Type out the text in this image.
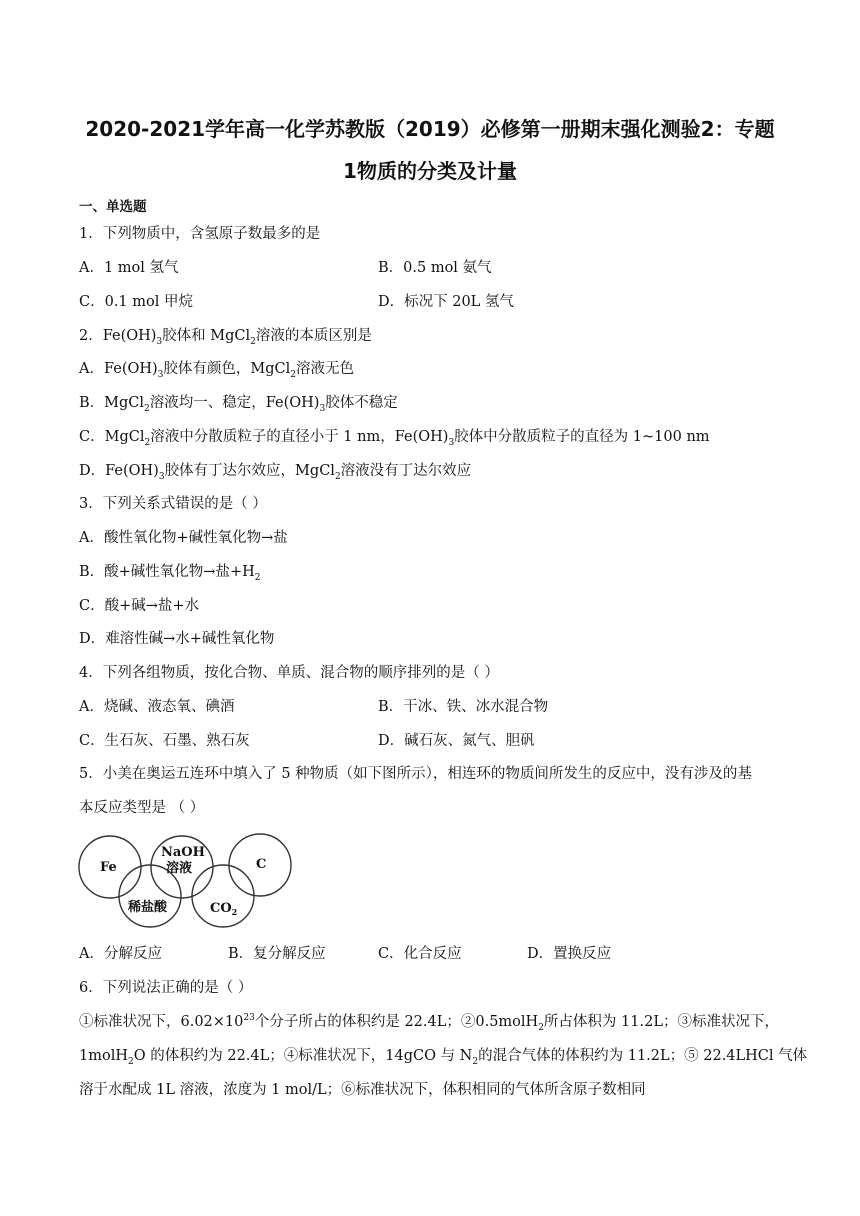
2020-2021学年高一化学苏教版（2019）必修第一册期末强化测验2：专题
1物质的分类及计量
一、单选题
1．下列物质中，含氢原子数最多的是
A．1 mol 氢气	B．0.5 mol 氨气
C．0.1 mol 甲烷	D．标况下 20L 氢气
2．$Fe(OH)_3$胶体和 MgCl$_2$溶液的本质区别是
A．$Fe(OH)_3$胶体有颜色，MgCl$_2$溶液无色
B．MgCl$_2$溶液均一、稳定，$Fe(OH)_3$胶体不稳定
C．MgCl$_2$溶液中分散质粒子的直径小于 1 nm，$Fe(OH)_3$胶体中分散质粒子的直径为 1~100 nm
D．$Fe(OH)_3$胶体有丁达尔效应，MgCl$_2$溶液没有丁达尔效应
3．下列关系式错误的是（ ）
A．酸性氧化物+碱性氧化物→盐
B．酸+碱性氧化物→盐$+H_2$
C．酸+碱→盐+水
D．难溶性碱→水+碱性氧化物
4．下列各组物质，按化合物、单质、混合物的顺序排列的是（ ）
A．烧碱、液态氧、碘酒	B．干冰、铁、冰水混合物
C．生石灰、石墨、熟石灰	D．碱石灰、氮气、胆矾
5．小美在奥运五连环中填入了 5 种物质（如下图所示），相连环的物质间所发生的反应中，没有涉及的基
本反应类型是 （ ）
Fe
NaOH
溶液	C
稀盐酸	$CO_2$
A．分解反应	B．复分解反应	C．化合反应	D．置换反应
6．下列说法正确的是（ ）
①标准状况下，$6.02\times 10^{23}$个分子所占的体积约是 22.4L；②0.5molH$_2$所占体积为 11.2L；③标准状况下，
1molH$_2$O 的体积约为 22.4L；④标准状况下，14gCO 与 $N_2$的混合气体的体积约为 11.2L；⑤ 22.4LHCl 气体
溶于水配成 1L 溶液，浓度为 1 mol/L；⑥标准状况下，体积相同的气体所含原子数相同
